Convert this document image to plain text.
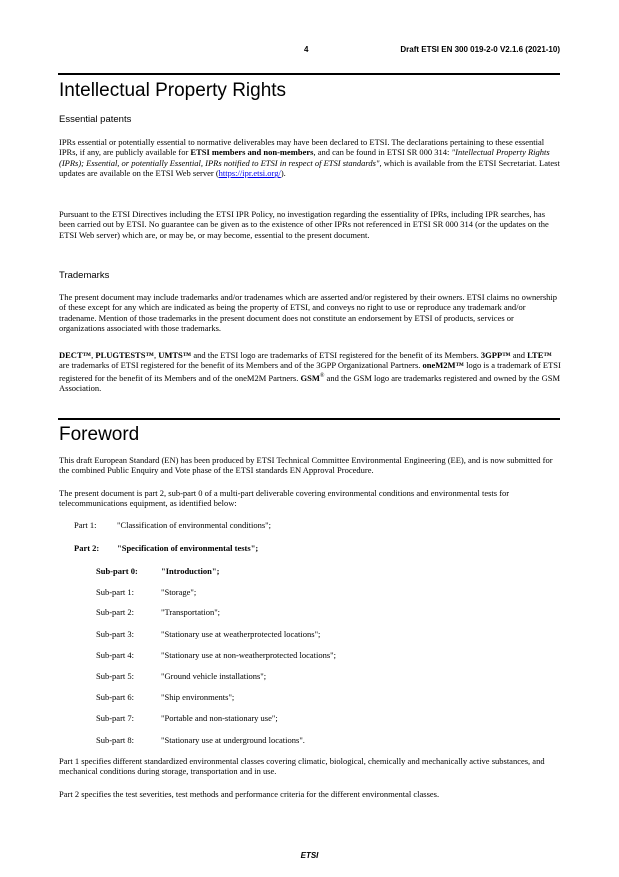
4	Draft ETSI EN 300 019-2-0 V2.1.6 (2021-10)
Intellectual Property Rights
Essential patents

IPRs essential or potentially essential to normative deliverables may have been declared to ETSI. The declarations pertaining to these essential IPRs, if any, are publicly available for ETSI members and non-members, and can be found in ETSI SR 000 314: "Intellectual Property Rights (IPRs); Essential, or potentially Essential, IPRs notified to ETSI in respect of ETSI standards", which is available from the ETSI Secretariat. Latest updates are available on the ETSI Web server (https://ipr.etsi.org/).

Pursuant to the ETSI Directives including the ETSI IPR Policy, no investigation regarding the essentiality of IPRs, including IPR searches, has been carried out by ETSI. No guarantee can be given as to the existence of other IPRs not referenced in ETSI SR 000 314 (or the updates on the ETSI Web server) which are, or may be, or may become, essential to the present document.

Trademarks

The present document may include trademarks and/or tradenames which are asserted and/or registered by their owners. ETSI claims no ownership of these except for any which are indicated as being the property of ETSI, and conveys no right to use or reproduce any trademark and/or tradename. Mention of those trademarks in the present document does not constitute an endorsement by ETSI of products, services or organizations associated with those trademarks.

DECT™, PLUGTESTS™, UMTS™ and the ETSI logo are trademarks of ETSI registered for the benefit of its Members. 3GPP™ and LTE™ are trademarks of ETSI registered for the benefit of its Members and of the 3GPP Organizational Partners. oneM2M™ logo is a trademark of ETSI registered for the benefit of its Members and of the oneM2M Partners. GSM® and the GSM logo are trademarks registered and owned by the GSM Association.

Foreword

This draft European Standard (EN) has been produced by ETSI Technical Committee Environmental Engineering (EE), and is now submitted for the combined Public Enquiry and Vote phase of the ETSI standards EN Approval Procedure.

The present document is part 2, sub-part 0 of a multi-part deliverable covering environmental conditions and environmental tests for telecommunications equipment, as identified below:

Part 1: "Classification of environmental conditions";
Part 2: "Specification of environmental tests";
Sub-part 0:	"Introduction";
Sub-part 1:	"Storage";
Sub-part 2:	"Transportation";
Sub-part 3:	"Stationary use at weatherprotected locations";
Sub-part 4:	"Stationary use at non-weatherprotected locations";
Sub-part 5:	"Ground vehicle installations";
Sub-part 6:	"Ship environments";
Sub-part 7:	"Portable and non-stationary use";
Sub-part 8:	"Stationary use at underground locations".

Part 1 specifies different standardized environmental classes covering climatic, biological, chemically and mechanically active substances, and mechanical conditions during storage, transportation and in use.

Part 2 specifies the test severities, test methods and performance criteria for the different environmental classes.

ETSI
